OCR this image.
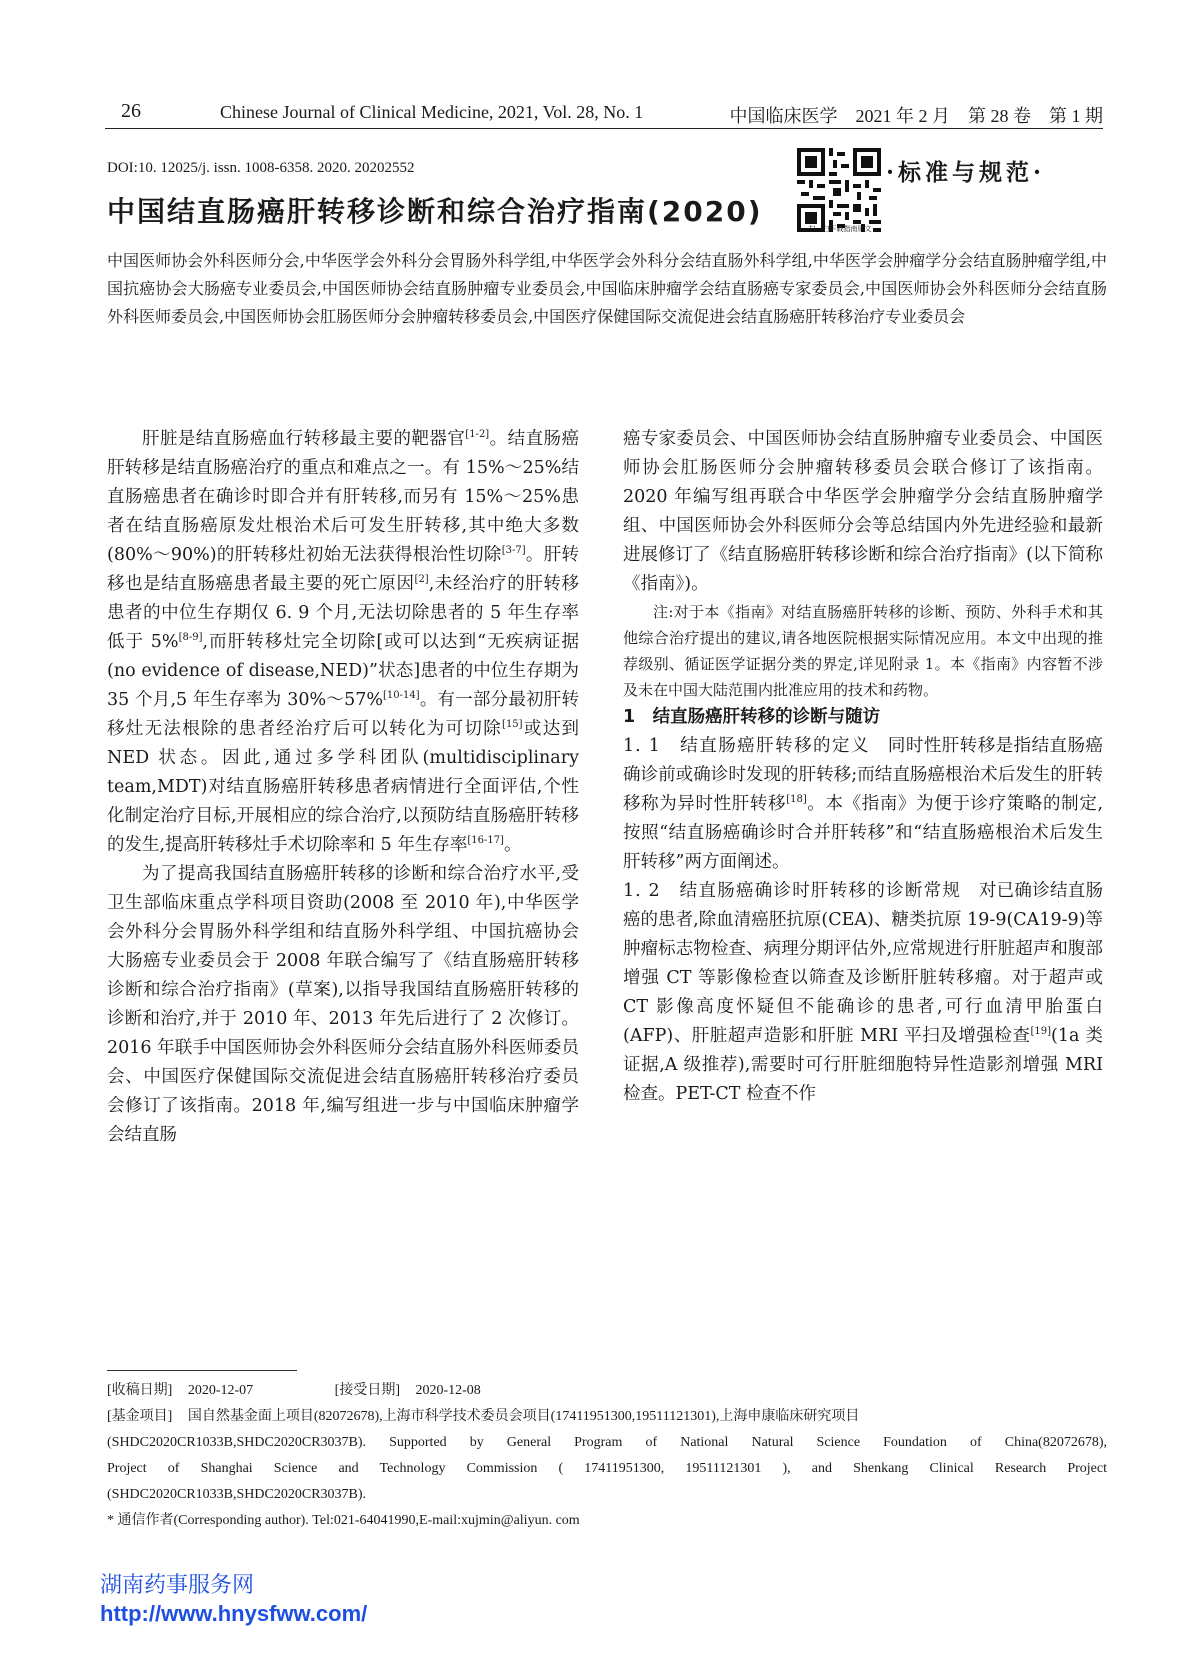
26	Chinese Journal of Clinical Medicine, 2021, Vol. 28, No. 1	中国临床医学　2021 年 2 月　第 28 卷　第 1 期
DOI:10. 12025/j. issn. 1008-6358. 2020. 20202552
扫一扫下载指南原文
·标准与规范·
中国结直肠癌肝转移诊断和综合治疗指南(2020)
中国医师协会外科医师分会,中华医学会外科分会胃肠外科学组,中华医学会外科分会结直肠外科学组,中华医学会肿瘤学分会结直肠肿瘤学组,中国抗癌协会大肠癌专业委员会,中国医师协会结直肠肿瘤专业委员会,中国临床肿瘤学会结直肠癌专家委员会,中国医师协会外科医师分会结直肠外科医师委员会,中国医师协会肛肠医师分会肿瘤转移委员会,中国医疗保健国际交流促进会结直肠癌肝转移治疗专业委员会

肝脏是结直肠癌血行转移最主要的靶器官[1-2]。结直肠癌肝转移是结直肠癌治疗的重点和难点之一。有 15%～25%结直肠癌患者在确诊时即合并有肝转移,而另有 15%～25%患者在结直肠癌原发灶根治术后可发生肝转移,其中绝大多数(80%～90%)的肝转移灶初始无法获得根治性切除[3-7]。肝转移也是结直肠癌患者最主要的死亡原因[2],未经治疗的肝转移患者的中位生存期仅 6. 9 个月,无法切除患者的 5 年生存率低于 5%[8-9],而肝转移灶完全切除[或可以达到“无疾病证据(no evidence of disease,NED)”状态]患者的中位生存期为 35 个月,5 年生存率为 30%～57%[10-14]。有一部分最初肝转移灶无法根除的患者经治疗后可以转化为可切除[15]或达到 NED 状态。因此,通过多学科团队(multidisciplinary team,MDT)对结直肠癌肝转移患者病情进行全面评估,个性化制定治疗目标,开展相应的综合治疗,以预防结直肠癌肝转移的发生,提高肝转移灶手术切除率和 5 年生存率[16-17]。

为了提高我国结直肠癌肝转移的诊断和综合治疗水平,受卫生部临床重点学科项目资助(2008 至 2010 年),中华医学会外科分会胃肠外科学组和结直肠外科学组、中国抗癌协会大肠癌专业委员会于 2008 年联合编写了《结直肠癌肝转移诊断和综合治疗指南》(草案),以指导我国结直肠癌肝转移的诊断和治疗,并于 2010 年、2013 年先后进行了 2 次修订。2016 年联手中国医师协会外科医师分会结直肠外科医师委员会、中国医疗保健国际交流促进会结直肠癌肝转移治疗委员会修订了该指南。2018 年,编写组进一步与中国临床肿瘤学会结直肠

癌专家委员会、中国医师协会结直肠肿瘤专业委员会、中国医师协会肛肠医师分会肿瘤转移委员会联合修订了该指南。2020 年编写组再联合中华医学会肿瘤学分会结直肠肿瘤学组、中国医师协会外科医师分会等总结国内外先进经验和最新进展修订了《结直肠癌肝转移诊断和综合治疗指南》(以下简称《指南》)。

注:对于本《指南》对结直肠癌肝转移的诊断、预防、外科手术和其他综合治疗提出的建议,请各地医院根据实际情况应用。本文中出现的推荐级别、循证医学证据分类的界定,详见附录 1。本《指南》内容暂不涉及未在中国大陆范围内批准应用的技术和药物。

1　结直肠癌肝转移的诊断与随访

1. 1　结直肠癌肝转移的定义　同时性肝转移是指结直肠癌确诊前或确诊时发现的肝转移;而结直肠癌根治术后发生的肝转移称为异时性肝转移[18]。本《指南》为便于诊疗策略的制定,按照“结直肠癌确诊时合并肝转移”和“结直肠癌根治术后发生肝转移”两方面阐述。

1. 2　结直肠癌确诊时肝转移的诊断常规　对已确诊结直肠癌的患者,除血清癌胚抗原(CEA)、糖类抗原 19-9(CA19-9)等肿瘤标志物检查、病理分期评估外,应常规进行肝脏超声和腹部增强 CT 等影像检查以筛查及诊断肝脏转移瘤。对于超声或 CT 影像高度怀疑但不能确诊的患者,可行血清甲胎蛋白(AFP)、肝脏超声造影和肝脏 MRI 平扫及增强检查[19](1a 类证据,A 级推荐),需要时可行肝脏细胞特异性造影剂增强 MRI 检查。PET-CT 检查不作

[收稿日期] 2020-12-07	[接受日期] 2020-12-08
[基金项目] 国自然基金面上项目(82072678),上海市科学技术委员会项目(17411951300,19511121301),上海申康临床研究项目
(SHDC2020CR1033B,SHDC2020CR3037B). Supported by General Program of National Natural Science Foundation of China(82072678),
Project of Shanghai Science and Technology Commission ( 17411951300, 19511121301 ), and Shenkang Clinical Research Project
(SHDC2020CR1033B,SHDC2020CR3037B).
* 通信作者(Corresponding author). Tel:021-64041990,E-mail:xujmin@aliyun. com
湖南药事服务网
http://www.hnysfww.com/
